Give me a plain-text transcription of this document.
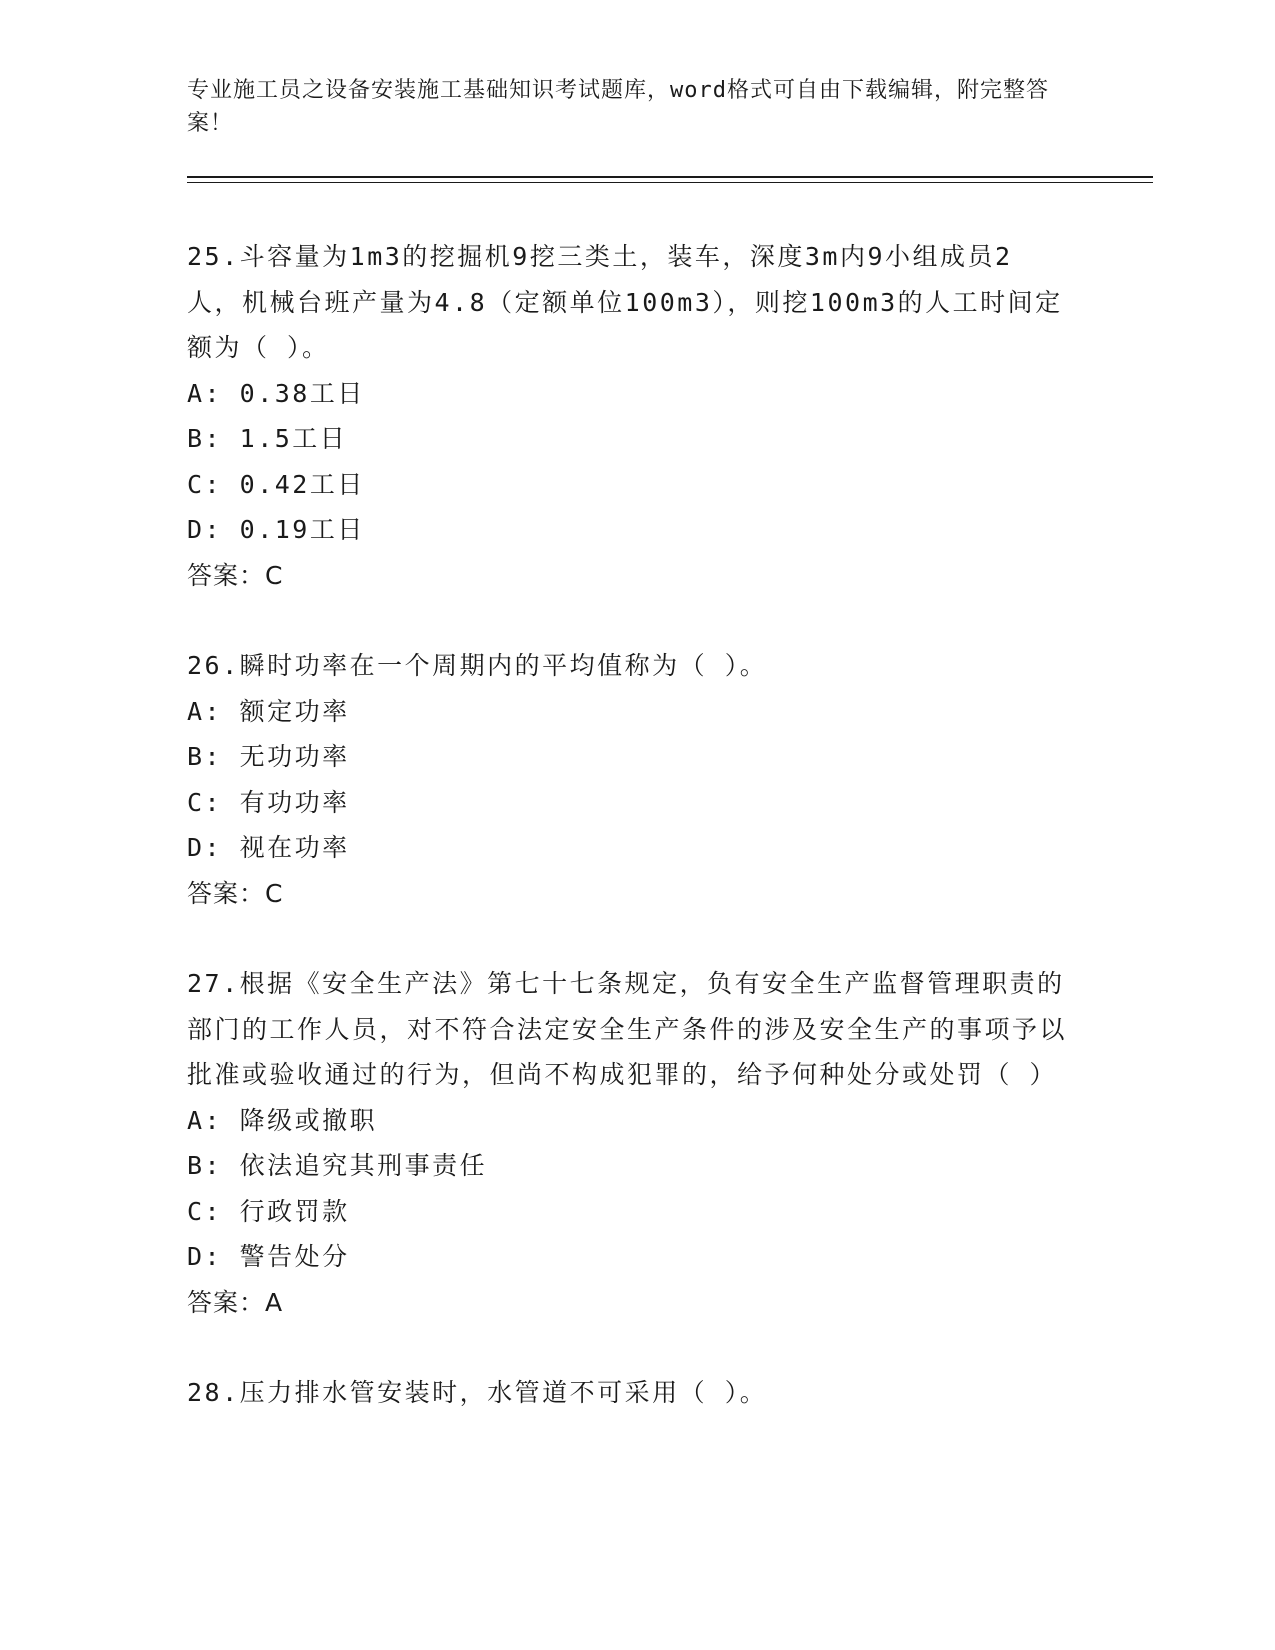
专业施工员之设备安装施工基础知识考试题库，word格式可自由下载编辑，附完整答案！

25.斗容量为1m3的挖掘机9挖三类土，装车，深度3m内9小组成员2人，机械台班产量为4.8（定额单位100m3），则挖100m3的人工时间定额为（ ）。

A: 0.38工日

B: 1.5工日

C: 0.42工日

D: 0.19工日

答案：C

26.瞬时功率在一个周期内的平均值称为（ ）。

A: 额定功率

B: 无功功率

C: 有功功率

D: 视在功率

答案：C

27.根据《安全生产法》第七十七条规定，负有安全生产监督管理职责的部门的工作人员，对不符合法定安全生产条件的涉及安全生产的事项予以批准或验收通过的行为，但尚不构成犯罪的，给予何种处分或处罚（ ）

A: 降级或撤职

B: 依法追究其刑事责任

C: 行政罚款

D: 警告处分

答案：A

28.压力排水管安装时，水管道不可采用（ ）。
